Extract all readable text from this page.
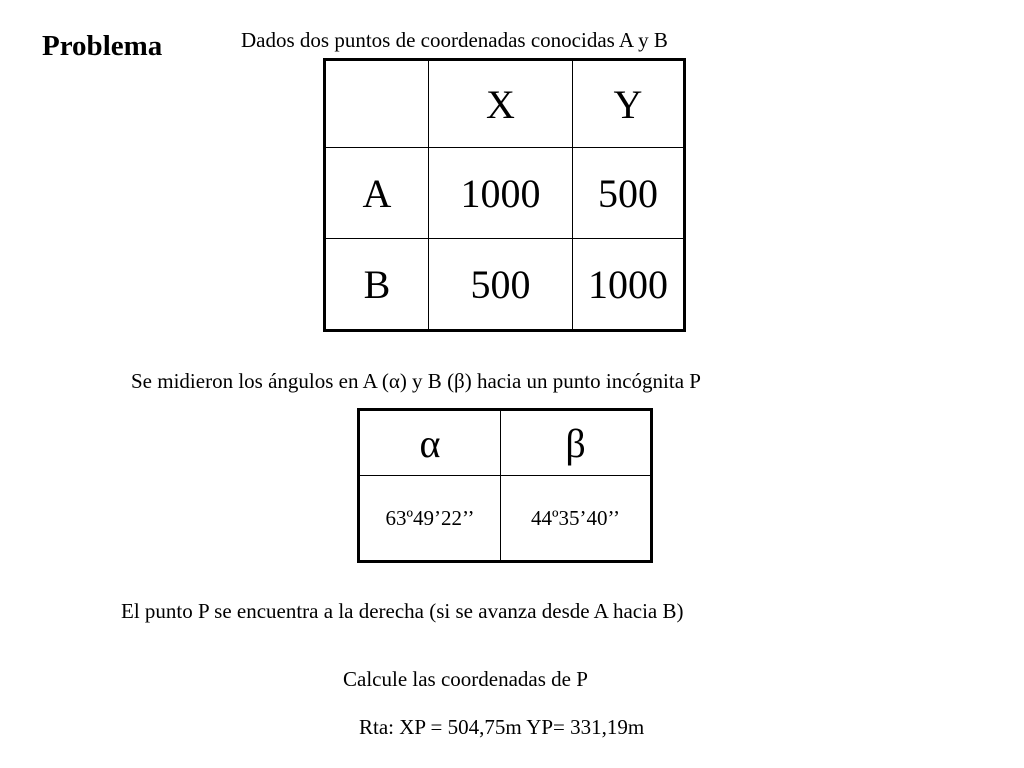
Problema	Dados dos puntos de coordenadas conocidas A y B
	X	Y
A	1000	500
B	500	1000
Se midieron los ángulos en A (α) y B (β) hacia un punto incógnita P
α	β
63º49’22’’	44º35’40’’
El punto P se encuentra a la derecha (si se avanza desde A hacia B)
Calcule las coordenadas de P
Rta: XP = 504,75m YP= 331,19m
